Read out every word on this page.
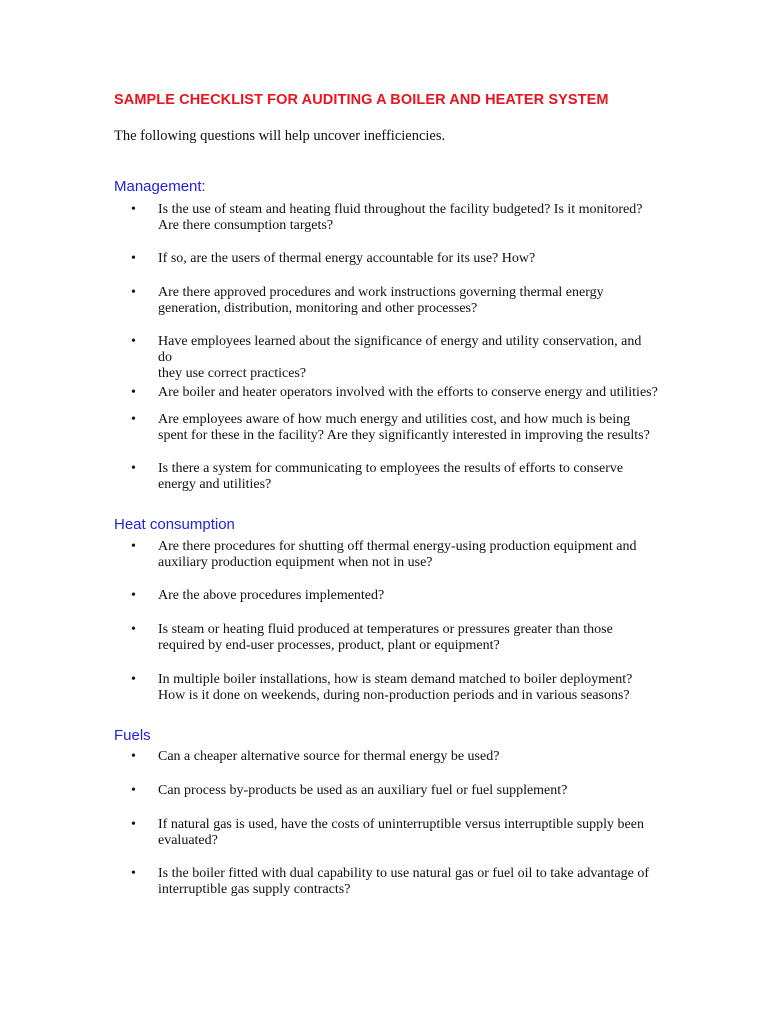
SAMPLE CHECKLIST FOR AUDITING A BOILER AND HEATER SYSTEM
The following questions will help uncover inefficiencies.
Management:
• Is the use of steam and heating fluid throughout the facility budgeted? Is it monitored?
Are there consumption targets?
• If so, are the users of thermal energy accountable for its use? How?
• Are there approved procedures and work instructions governing thermal energy
generation, distribution, monitoring and other processes?
• Have employees learned about the significance of energy and utility conservation, and do
they use correct practices?
• Are boiler and heater operators involved with the efforts to conserve energy and utilities?
• Are employees aware of how much energy and utilities cost, and how much is being
spent for these in the facility? Are they significantly interested in improving the results?
• Is there a system for communicating to employees the results of efforts to conserve
energy and utilities?
Heat consumption
• Are there procedures for shutting off thermal energy-using production equipment and
auxiliary production equipment when not in use?
• Are the above procedures implemented?
• Is steam or heating fluid produced at temperatures or pressures greater than those
required by end-user processes, product, plant or equipment?
• In multiple boiler installations, how is steam demand matched to boiler deployment?
How is it done on weekends, during non-production periods and in various seasons?
Fuels
• Can a cheaper alternative source for thermal energy be used?
• Can process by-products be used as an auxiliary fuel or fuel supplement?
• If natural gas is used, have the costs of uninterruptible versus interruptible supply been
evaluated?
• Is the boiler fitted with dual capability to use natural gas or fuel oil to take advantage of
interruptible gas supply contracts?
